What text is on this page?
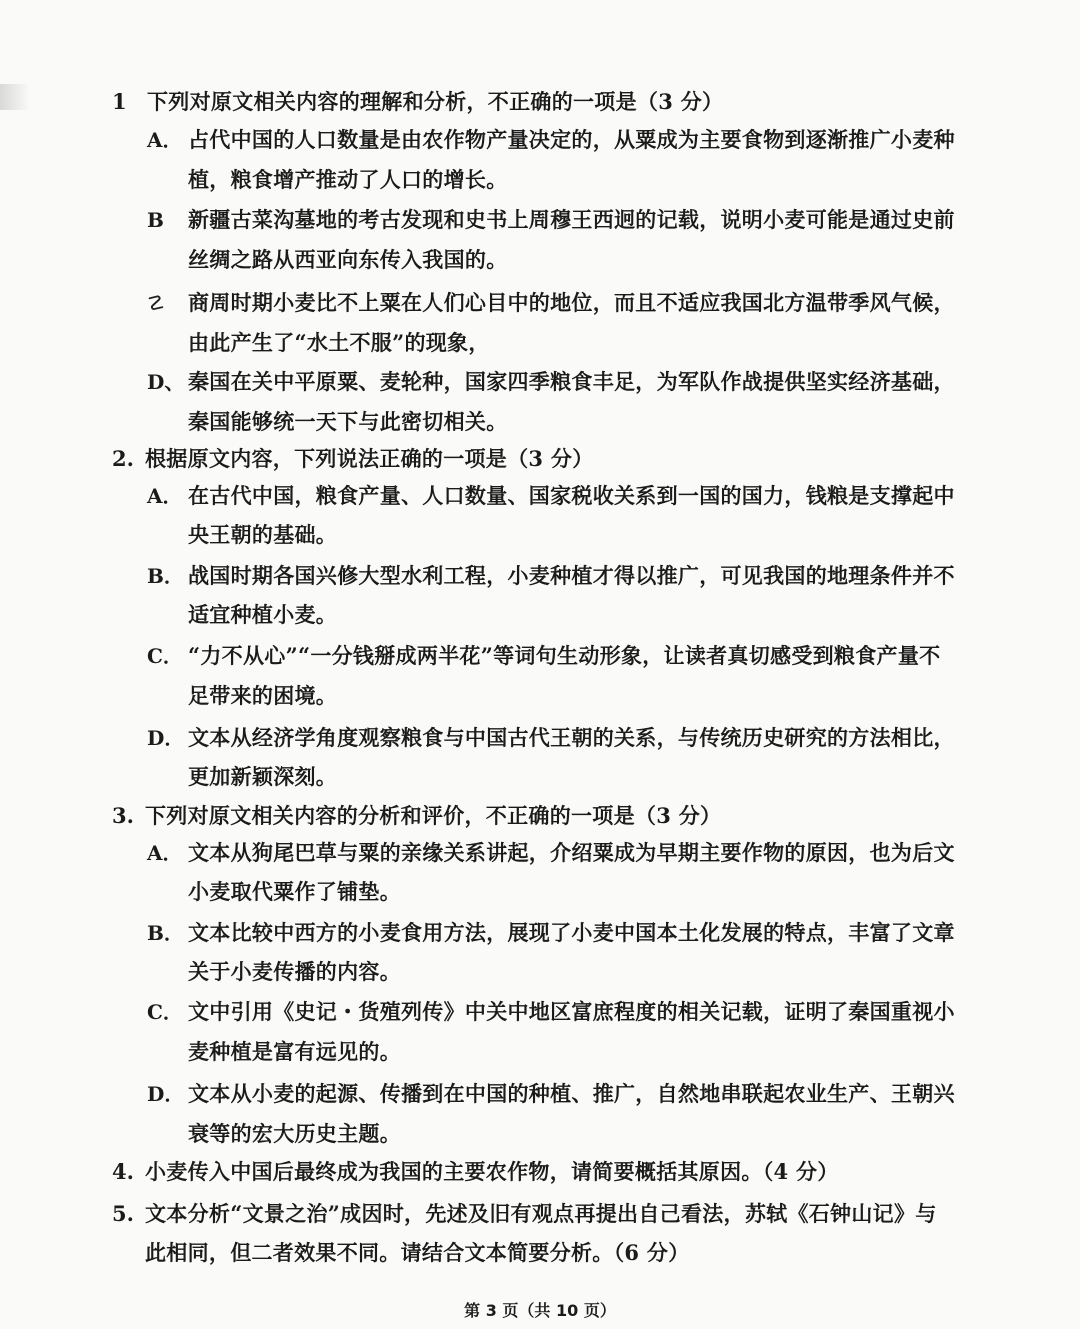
1 下列对原文相关内容的理解和分析，不正确的一项是（3 分）
A． 占代中国的人口数量是由农作物产量决定的，从粟成为主要食物到逐渐推广小麦种
植，粮食增产推动了人口的增长。
B 新疆古菜沟墓地的考古发现和史书上周穆王西迥的记载，说明小麦可能是通过史前
丝绸之路从西亚向东传入我国的。
☡ 商周时期小麦比不上粟在人们心目中的地位，而且不适应我国北方温带季风气候，
由此产生了“水土不服”的现象，
D、 秦国在关中平原粟、麦轮种，国家四季粮食丰足，为军队作战提供坚实经济基础，
秦国能够统一天下与此密切相关。
2. 根据原文内容，下列说法正确的一项是（3 分）
A． 在古代中国，粮食产量、人口数量、国家税收关系到一国的国力，钱粮是支撑起中
央王朝的基础。
B． 战国时期各国兴修大型水利工程，小麦种植才得以推广，可见我国的地理条件并不
适宜种植小麦。
C． “力不从心”“一分钱掰成两半花”等词句生动形象，让读者真切感受到粮食产量不
足带来的困境。
D． 文本从经济学角度观察粮食与中国古代王朝的关系，与传统历史研究的方法相比，
更加新颖深刻。
3. 下列对原文相关内容的分析和评价，不正确的一项是（3 分）
A． 文本从狗尾巴草与粟的亲缘关系讲起，介绍粟成为早期主要作物的原因，也为后文
小麦取代粟作了铺垫。
B． 文本比较中西方的小麦食用方法，展现了小麦中国本土化发展的特点，丰富了文章
关于小麦传播的内容。
C． 文中引用《史记・货殖列传》中关中地区富庶程度的相关记载，证明了秦国重视小
麦种植是富有远见的。
D． 文本从小麦的起源、传播到在中国的种植、推广，自然地串联起农业生产、王朝兴
衰等的宏大历史主题。
4. 小麦传入中国后最终成为我国的主要农作物，请简要概括其原因。（4 分）
5. 文本分析“文景之治”成因时，先述及旧有观点再提出自己看法，苏轼《石钟山记》与
此相同，但二者效果不同。请结合文本简要分析。（6 分）
第 3 页（共 10 页）
